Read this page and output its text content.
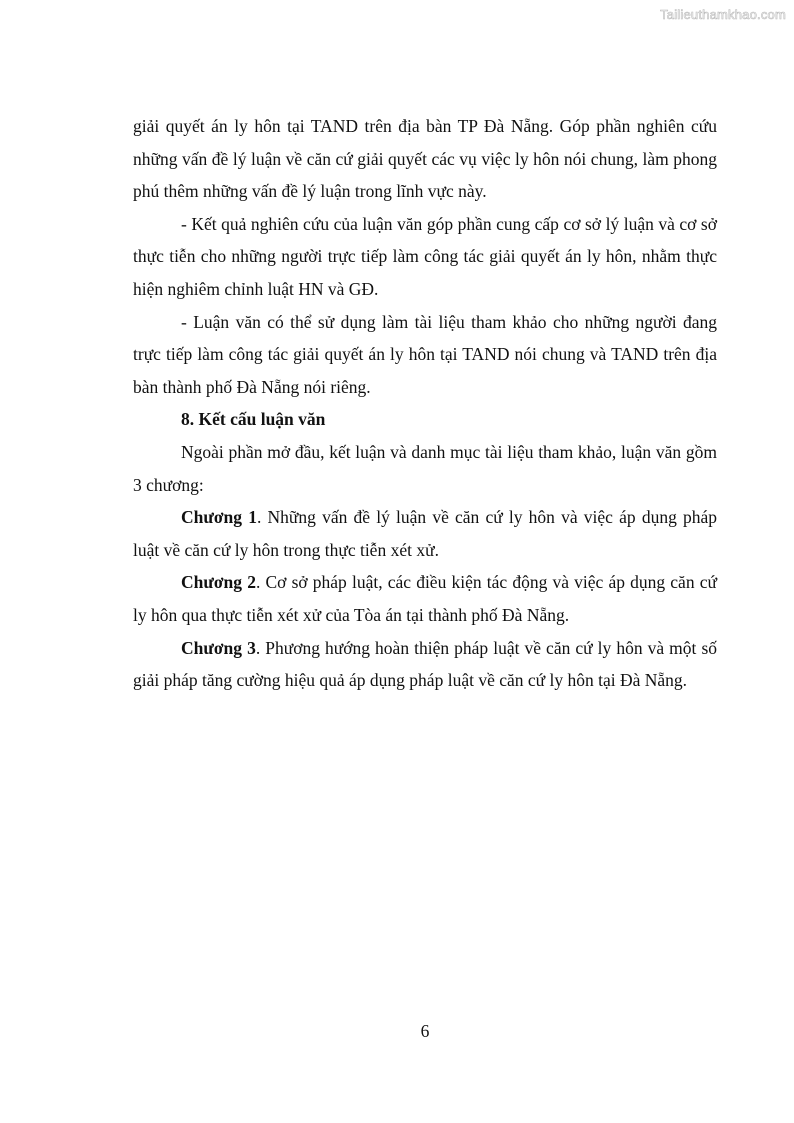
Tailieuthamkhao.com

giải quyết án ly hôn tại TAND trên địa bàn TP Đà Nẵng. Góp phần nghiên cứu những vấn đề lý luận về căn cứ giải quyết các vụ việc ly hôn nói chung, làm phong phú thêm những vấn đề lý luận trong lĩnh vực này.

- Kết quả nghiên cứu của luận văn góp phần cung cấp cơ sở lý luận và cơ sở thực tiễn cho những người trực tiếp làm công tác giải quyết án ly hôn, nhằm thực hiện nghiêm chỉnh luật HN và GĐ.

- Luận văn có thể sử dụng làm tài liệu tham khảo cho những người đang trực tiếp làm công tác giải quyết án ly hôn tại TAND nói chung và TAND trên địa bàn thành phố Đà Nẵng nói riêng.

8. Kết cấu luận văn

Ngoài phần mở đầu, kết luận và danh mục tài liệu tham khảo, luận văn gồm 3 chương:

Chương 1. Những vấn đề lý luận về căn cứ ly hôn và việc áp dụng pháp luật về căn cứ ly hôn trong thực tiễn xét xử.

Chương 2. Cơ sở pháp luật, các điều kiện tác động và việc áp dụng căn cứ ly hôn qua thực tiễn xét xử của Tòa án tại thành phố Đà Nẵng.

Chương 3. Phương hướng hoàn thiện pháp luật về căn cứ ly hôn và một số giải pháp tăng cường hiệu quả áp dụng pháp luật về căn cứ ly hôn tại Đà Nẵng.

6
